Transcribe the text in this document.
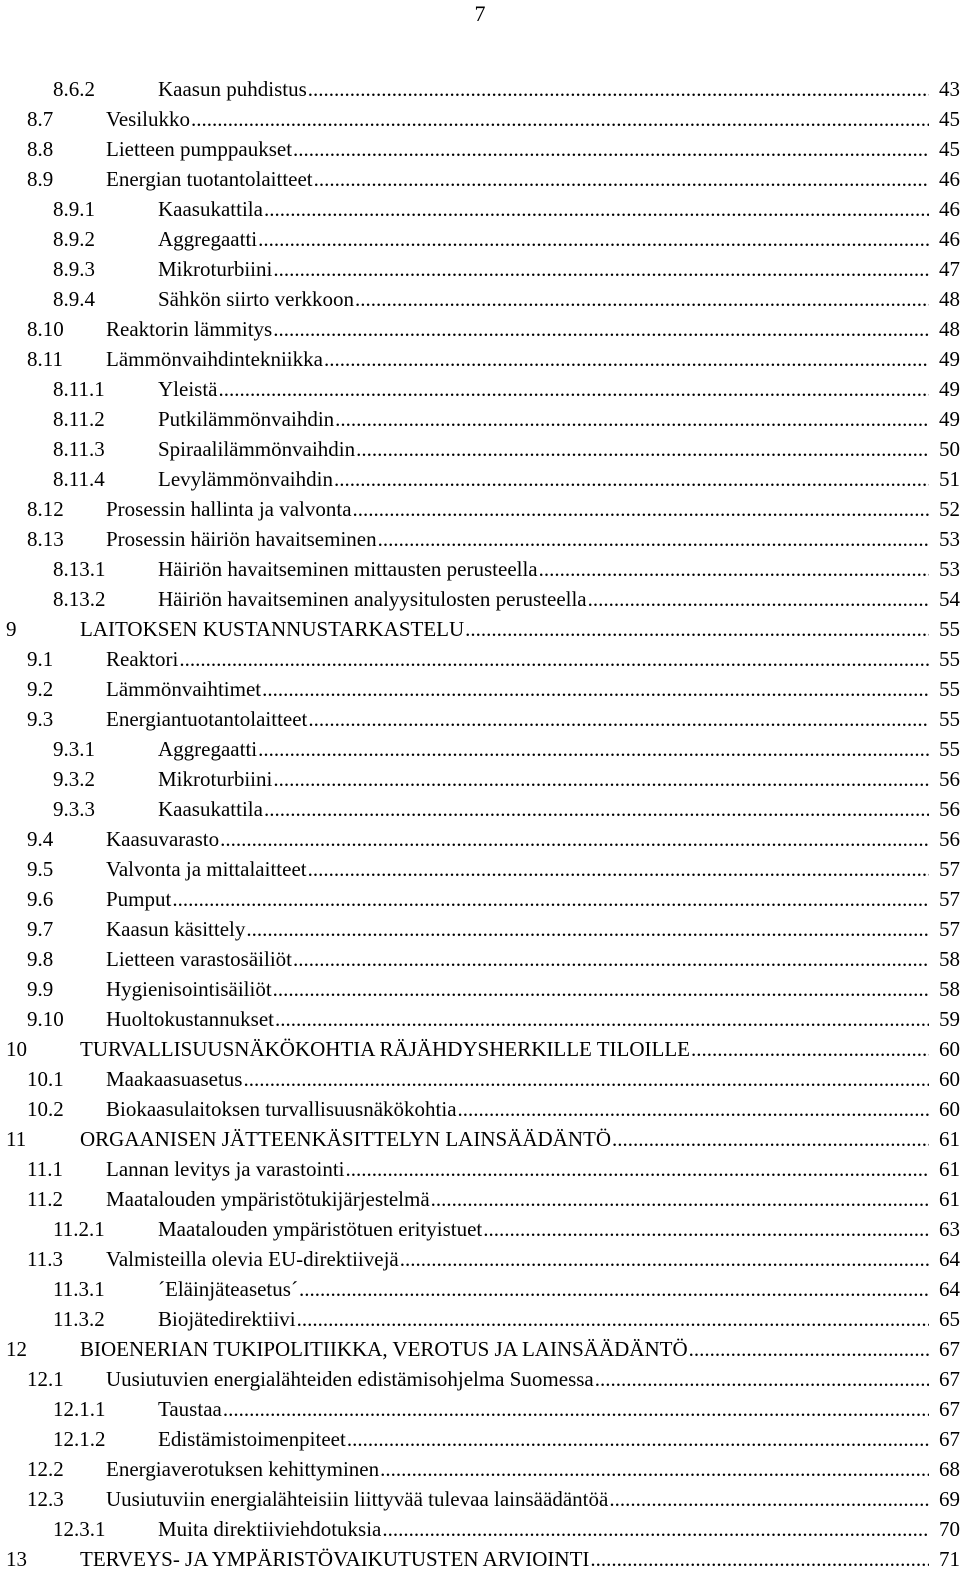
7
8.6.2	Kaasun puhdistus .....	43
8.7	Vesilukko .....	45
8.8	Lietteen pumppaukset .....	45
8.9	Energian tuotantolaitteet .....	46
8.9.1	Kaasukattila .....	46
8.9.2	Aggregaatti .....	46
8.9.3	Mikroturbiini .....	47
8.9.4	Sähkön siirto verkkoon .....	48
8.10 Reaktorin lämmitys .....	48
8.11 Lämmönvaihdintekniikka .....	49
8.11.1	Yleistä .....	49
8.11.2	Putkilämmönvaihdin .....	49
8.11.3	Spiraalilämmönvaihdin .....	50
8.11.4	Levylämmönvaihdin .....	51
8.12 Prosessin hallinta ja valvonta .....	52
8.13 Prosessin häiriön havaitseminen .....	53
8.13.1	Häiriön havaitseminen mittausten perusteella .....	53
8.13.2	Häiriön havaitseminen analyysitulosten perusteella .....	54
9	LAITOKSEN KUSTANNUSTARKASTELU .....	55
9.1	Reaktori .....	55
9.2	Lämmönvaihtimet .....	55
9.3	Energiantuotantolaitteet .....	55
9.3.1	Aggregaatti .....	55
9.3.2	Mikroturbiini .....	56
9.3.3	Kaasukattila .....	56
9.4	Kaasuvarasto .....	56
9.5	Valvonta ja mittalaitteet .....	57
9.6	Pumput .....	57
9.7	Kaasun käsittely .....	57
9.8	Lietteen varastosäiliöt .....	58
9.9	Hygienisointisäiliöt .....	58
9.10 Huoltokustannukset .....	59
10	TURVALLISUUSNÄKÖKOHTIA RÄJÄHDYSHERKILLE TILOILLE .....	60
10.1 Maakaasuasetus .....	60
10.2 Biokaasulaitoksen turvallisuusnäkökohtia .....	60
11	ORGAANISEN JÄTTEENKÄSITTELYN LAINSÄÄDÄNTÖ .....	61
11.1 Lannan levitys ja varastointi .....	61
11.2 Maatalouden ympäristötukijärjestelmä .....	61
11.2.1	Maatalouden ympäristötuen erityistuet .....	63
11.3 Valmisteilla olevia EU-direktiivejä .....	64
11.3.1	´Eläinjäteasetus´ .....	64
11.3.2	Biojätedirektiivi .....	65
12	BIOENERIAN TUKIPOLITIIKKA, VEROTUS JA LAINSÄÄDÄNTÖ .....	67
12.1 Uusiutuvien energialähteiden edistämisohjelma Suomessa .....	67
12.1.1	Taustaa .....	67
12.1.2	Edistämistoimenpiteet .....	67
12.2 Energiaverotuksen kehittyminen .....	68
12.3 Uusiutuviin energialähteisiin liittyvää tulevaa lainsäädäntöä .....	69
12.3.1	Muita direktiiviehdotuksia .....	70
13	TERVEYS- JA YMPÄRISTÖVAIKUTUSTEN ARVIOINTI .....	71
